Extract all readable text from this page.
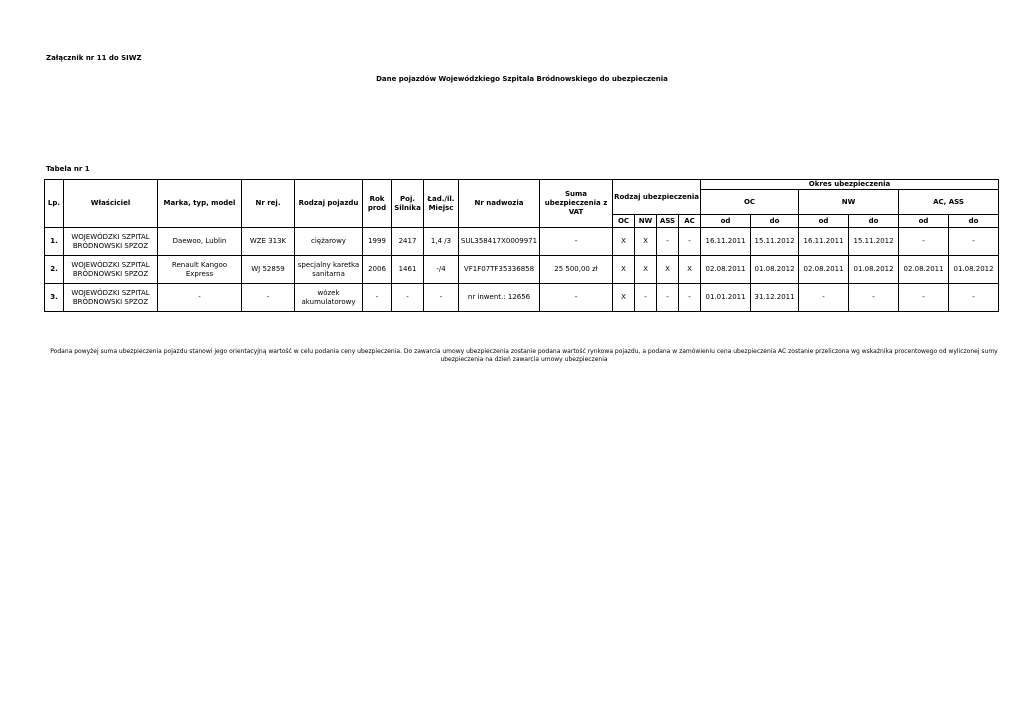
Załącznik nr 11 do SIWZ
Dane pojazdów Wojewódzkiego Szpitala Bródnowskiego do ubezpieczenia
Tabela nr 1
Lp.	Właściciel	Marka, typ, model	Nr rej.	Rodzaj pojazdu	Rok prod	Poj. Silnika	Ład./il. Miejsc	Nr nadwozia	Suma ubezpieczenia z VAT	Rodzaj ubezpieczenia				Okres ubezpieczenia					
														OC		NW		AC, ASS	
										OC	NW	ASS	AC	od	do	od	do	od	do
1.	WOJEWÓDZKI SZPITAL BRÓDNOWSKI SPZOZ	Daewoo, Lublin	WZE 313K	ciężarowy	1999	2417	1,4 /3	SUL358417X0009971	-	X	X	-	-	16.11.2011	15.11.2012	16.11.2011	15.11.2012	-	-
2.	WOJEWÓDZKI SZPITAL BRÓDNOWSKI SPZOZ	Renault Kangoo Express	WJ 52859	specjalny karetka sanitarna	2006	1461	-/4	VF1F07TF35336858	25 500,00 zł	X	X	X	X	02.08.2011	01.08.2012	02.08.2011	01.08.2012	02.08.2011	01.08.2012
3.	WOJEWÓDZKI SZPITAL BRÓDNOWSKI SPZOZ	-	-	wózek akumulatorowy	-	-	-	nr inwent.: 12656	-	X	-	-	-	01.01.2011	31.12.2011	-	-	-	-
Podana powyżej suma ubezpieczenia pojazdu stanowi jego orientacyjną wartość w celu podania ceny ubezpieczenia. Do zawarcia umowy ubezpieczenia zostanie podana wartość rynkowa pojazdu, a podana w zamówieniu cena ubezpieczenia AC zostanie przeliczona wg wskaźnika procentowego od wyliczonej sumy ubezpieczenia na dzień zawarcia umowy ubezpieczenia
